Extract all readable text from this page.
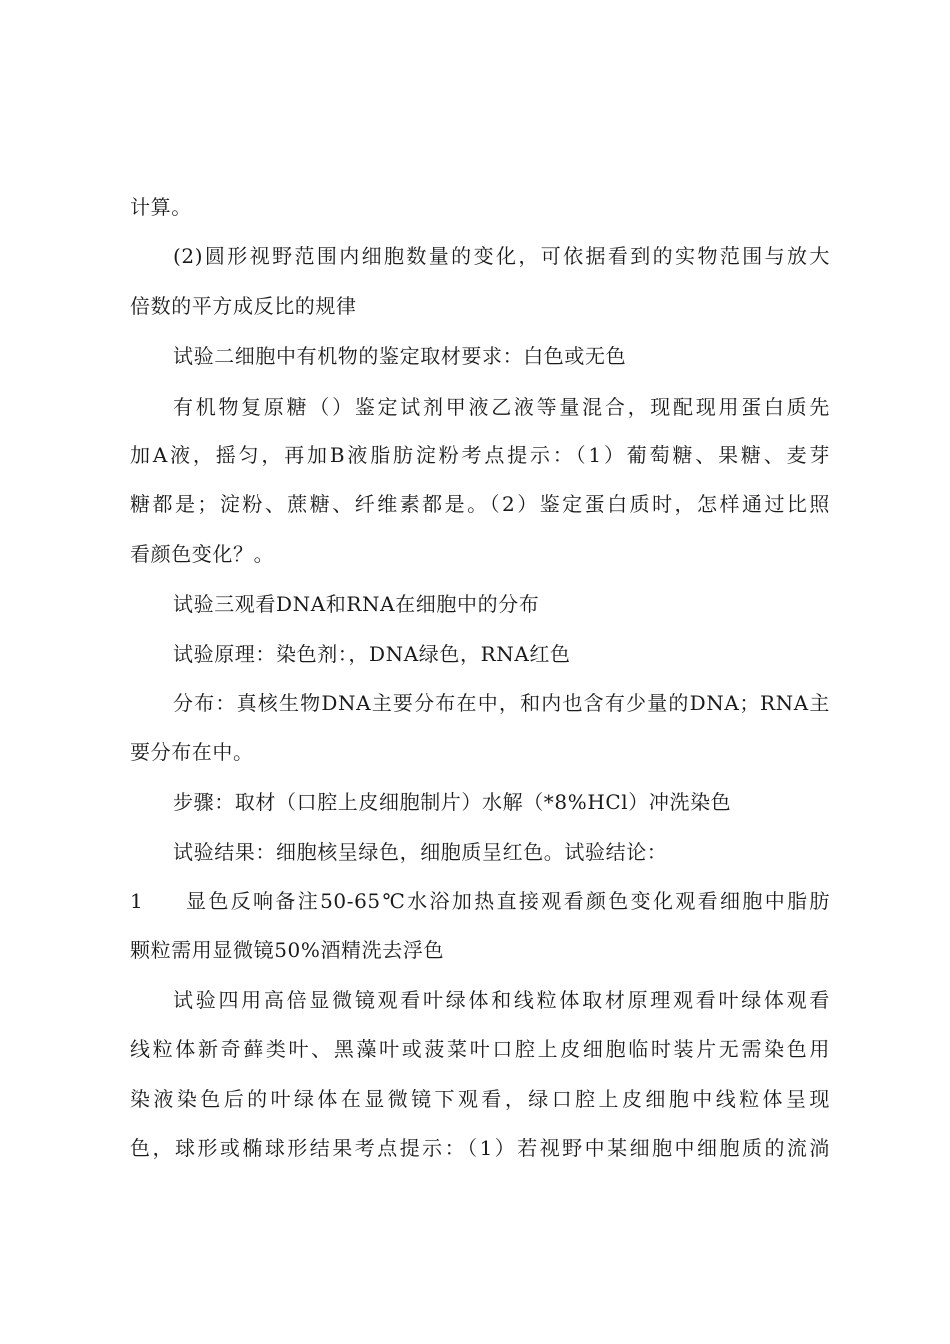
计算。
(2)圆形视野范围内细胞数量的变化，可依据看到的实物范围与放大
倍数的平方成反比的规律
试验二细胞中有机物的鉴定取材要求：白色或无色
有机物复原糖（）鉴定试剂甲液乙液等量混合，现配现用蛋白质先
加A液，摇匀，再加B液脂肪淀粉考点提示：（1）葡萄糖、果糖、麦芽
糖都是；淀粉、蔗糖、纤维素都是。（2）鉴定蛋白质时，怎样通过比照
看颜色变化？。
试验三观看DNA和RNA在细胞中的分布
试验原理：染色剂：，DNA绿色，RNA红色
分布：真核生物DNA主要分布在中，和内也含有少量的DNA；RNA主
要分布在中。
步骤：取材（口腔上皮细胞制片）水解（*8%HCl）冲洗染色
试验结果：细胞核呈绿色，细胞质呈红色。试验结论：
1 显色反响备注50-65℃水浴加热直接观看颜色变化观看细胞中脂肪
颗粒需用显微镜50%酒精洗去浮色
试验四用高倍显微镜观看叶绿体和线粒体取材原理观看叶绿体观看
线粒体新奇藓类叶、黑藻叶或菠菜叶口腔上皮细胞临时装片无需染色用
染液染色后的叶绿体在显微镜下观看，绿口腔上皮细胞中线粒体呈现
色，球形或椭球形结果考点提示：（1）若视野中某细胞中细胞质的流淌
